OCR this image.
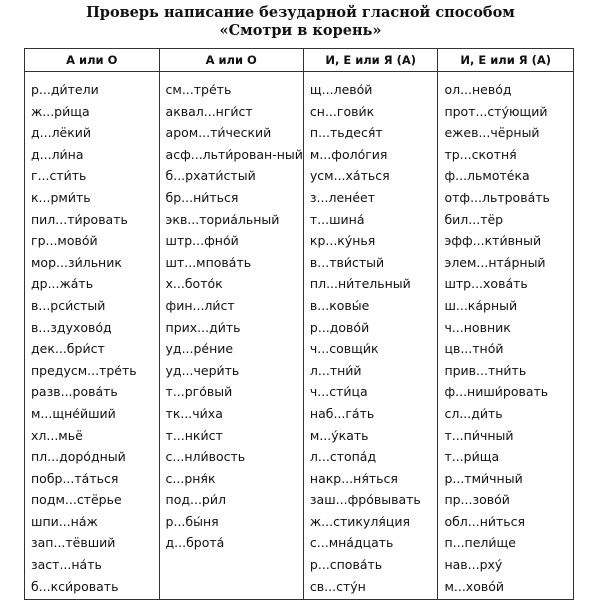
Проверь написание безударной гласной способом
«Смотри в корень»
А или О
р...ди́тели
ж...ри́ща
д...лёкий
д...ли́на
г...сти́ть
к...рми́ть
пил...ти́ровать
гр...мово́й
мор...зи́льник
др...жа́ть
в...рси́стый
в...здухово́д
дек...бри́ст
предусм...тре́ть
разв...рова́ть
м...щне́йший
хл...мьё
пл...доро́дный
побр...та́ться
подм...стёрье
шпи...на́ж
зап...тёвший
заст...на́ть
б...кси́ровать
А или О
см...тре́ть
аквал...нги́ст
аром...ти́ческий
асф...льти́рован-ный
б...рхати́стый
бр...ни́ться
экв...ториа́льный
штр...фно́й
шт...мпова́ть
х...бото́к
фин...ли́ст
прих...ди́ть
уд...ре́ние
уд...чери́ть
т...рго́вый
тк...чи́ха
т...нки́ст
с...нли́вость
с...рня́к
под...ри́л
р...бы́ня
д...брота́
И, Е или Я (А)
щ...лево́й
сн...гови́к
п...тьдеся́т
м...фоло́гия
усм...ха́ться
з...ленéет
т...шина́
кр...ку́нья
в...тви́стый
пл...ни́тельный
в...ковы́е
р...дово́й
ч...совщи́к
л...тни́й
ч...сти́ца
наб...га́ть
м...у́кать
л...стопа́д
накр...ня́ться
заш...фро́вывать
ж...стикуля́ция
с...мна́дцать
р...спова́ть
св...сту́н
И, Е или Я (А)
ол...нево́д
прот...сту́ющий
ежев...чёрный
тр...скотня́
ф...льмотéка
отф...льтрова́ть
бил...тёр
эфф...кти́вный
элем...нта́рный
штр...хова́ть
ш...ка́рный
ч...новник
цв...тно́й
прив...тни́ть
ф...ниши́ровать
сл...ди́ть
т...пи́чный
т...ри́ща
р...тми́чный
пр...зово́й
обл...ни́ться
п...пели́ще
нав...рху́
м...ховóй
